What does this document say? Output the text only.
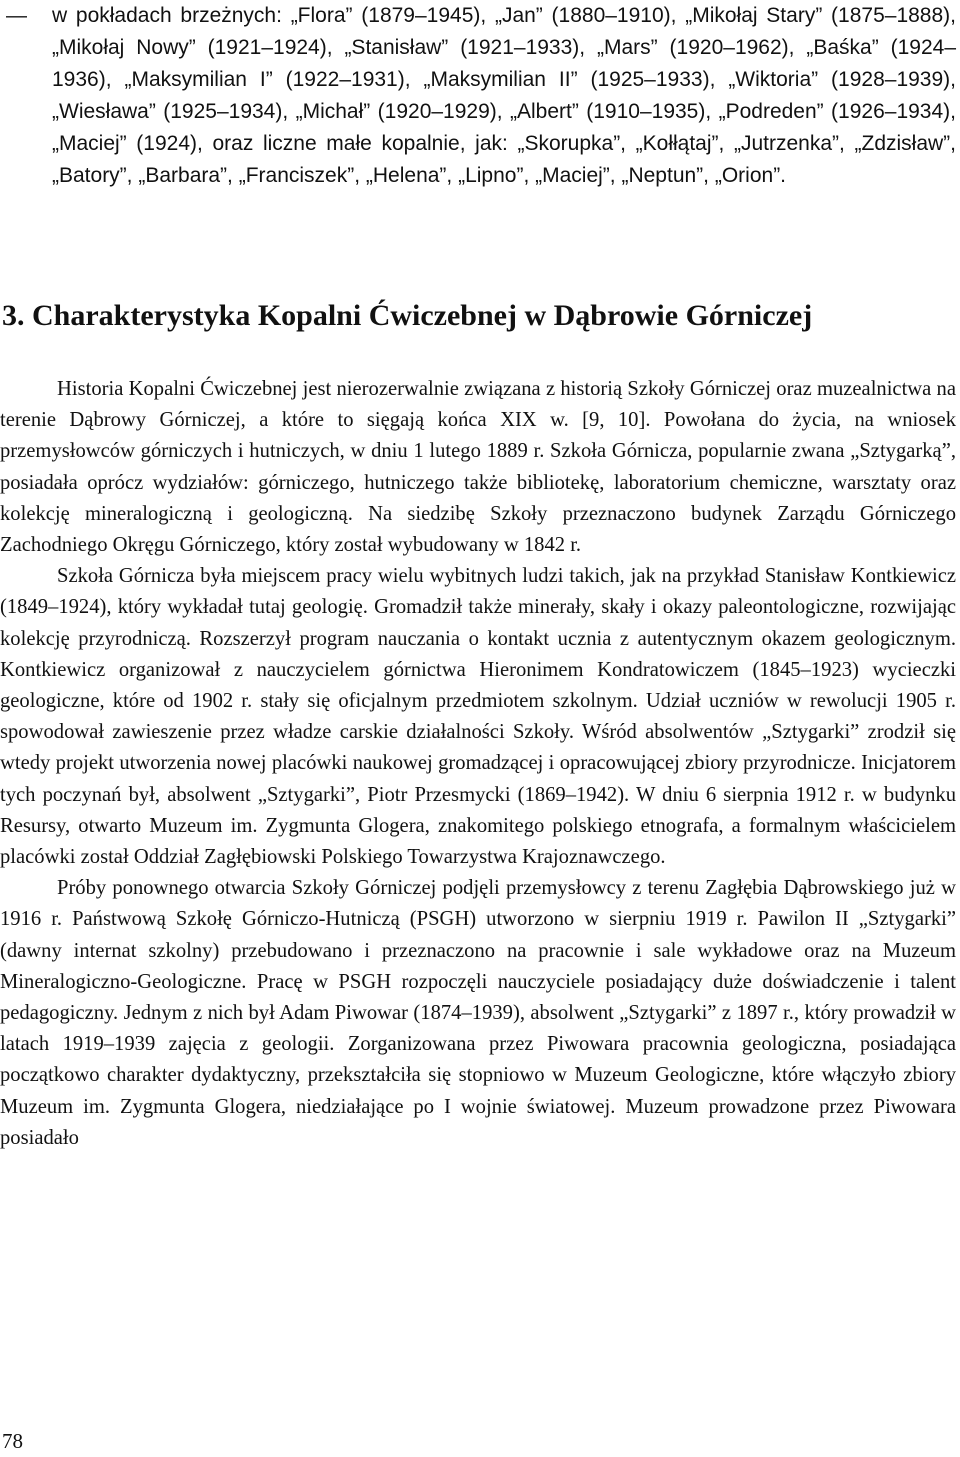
—	w pokładach brzeżnych: „Flora” (1879–1945), „Jan” (1880–1910), „Mikołaj Stary” (1875–1888), „Mikołaj Nowy” (1921–1924), „Stanisław” (1921–1933), „Mars” (1920–1962), „Baśka” (1924–1936), „Maksymilian I” (1922–1931), „Maksymilian II” (1925–1933), „Wiktoria” (1928–1939), „Wiesława” (1925–1934), „Michał” (1920–1929), „Albert” (1910–1935), „Podreden” (1926–1934), „Maciej” (1924), oraz liczne małe kopalnie, jak: „Skorupka”, „Kołłątaj”, „Jutrzenka”, „Zdzisław”, „Batory”, „Barbara”, „Franciszek”, „Helena”, „Lipno”, „Maciej”, „Neptun”, „Orion”.

3. Charakterystyka Kopalni Ćwiczebnej w Dąbrowie Górniczej

Historia Kopalni Ćwiczebnej jest nierozerwalnie związana z historią Szkoły Górniczej oraz muzealnictwa na terenie Dąbrowy Górniczej, a które to sięgają końca XIX w. [9, 10]. Powołana do życia, na wniosek przemysłowców górniczych i hutniczych, w dniu 1 lutego 1889 r. Szkoła Górnicza, popularnie zwana „Sztygarką”, posiadała oprócz wydziałów: górniczego, hutniczego także bibliotekę, laboratorium chemiczne, warsztaty oraz kolekcję mineralogiczną i geologiczną. Na siedzibę Szkoły przeznaczono budynek Zarządu Górniczego Zachodniego Okręgu Górniczego, który został wybudowany w 1842 r.

Szkoła Górnicza była miejscem pracy wielu wybitnych ludzi takich, jak na przykład Stanisław Kontkiewicz (1849–1924), który wykładał tutaj geologię. Gromadził także minerały, skały i okazy paleontologiczne, rozwijając kolekcję przyrodniczą. Rozszerzył program nauczania o kontakt ucznia z autentycznym okazem geologicznym. Kontkiewicz organizował z nauczycielem górnictwa Hieronimem Kondratowiczem (1845–1923) wycieczki geologiczne, które od 1902 r. stały się oficjalnym przedmiotem szkolnym. Udział uczniów w rewolucji 1905 r. spowodował zawieszenie przez władze carskie działalności Szkoły. Wśród absolwentów „Sztygarki” zrodził się wtedy projekt utworzenia nowej placówki naukowej gromadzącej i opracowującej zbiory przyrodnicze. Inicjatorem tych poczynań był, absolwent „Sztygarki”, Piotr Przesmycki (1869–1942). W dniu 6 sierpnia 1912 r. w budynku Resursy, otwarto Muzeum im. Zygmunta Glogera, znakomitego polskiego etnografa, a formalnym właścicielem placówki został Oddział Zagłębiowski Polskiego Towarzystwa Krajoznawczego.

Próby ponownego otwarcia Szkoły Górniczej podjęli przemysłowcy z terenu Zagłębia Dąbrowskiego już w 1916 r. Państwową Szkołę Górniczo-Hutniczą (PSGH) utworzono w sierpniu 1919 r. Pawilon II „Sztygarki” (dawny internat szkolny) przebudowano i przeznaczono na pracownie i sale wykładowe oraz na Muzeum Mineralogiczno-Geologiczne. Pracę w PSGH rozpoczęli nauczyciele posiadający duże doświadczenie i talent pedagogiczny. Jednym z nich był Adam Piwowar (1874–1939), absolwent „Sztygarki” z 1897 r., który prowadził w latach 1919–1939 zajęcia z geologii. Zorganizowana przez Piwowara pracownia geologiczna, posiadająca początkowo charakter dydaktyczny, przekształciła się stopniowo w Muzeum Geologiczne, które włączyło zbiory Muzeum im. Zygmunta Glogera, niedziałające po I wojnie światowej. Muzeum prowadzone przez Piwowara posiadało

78
